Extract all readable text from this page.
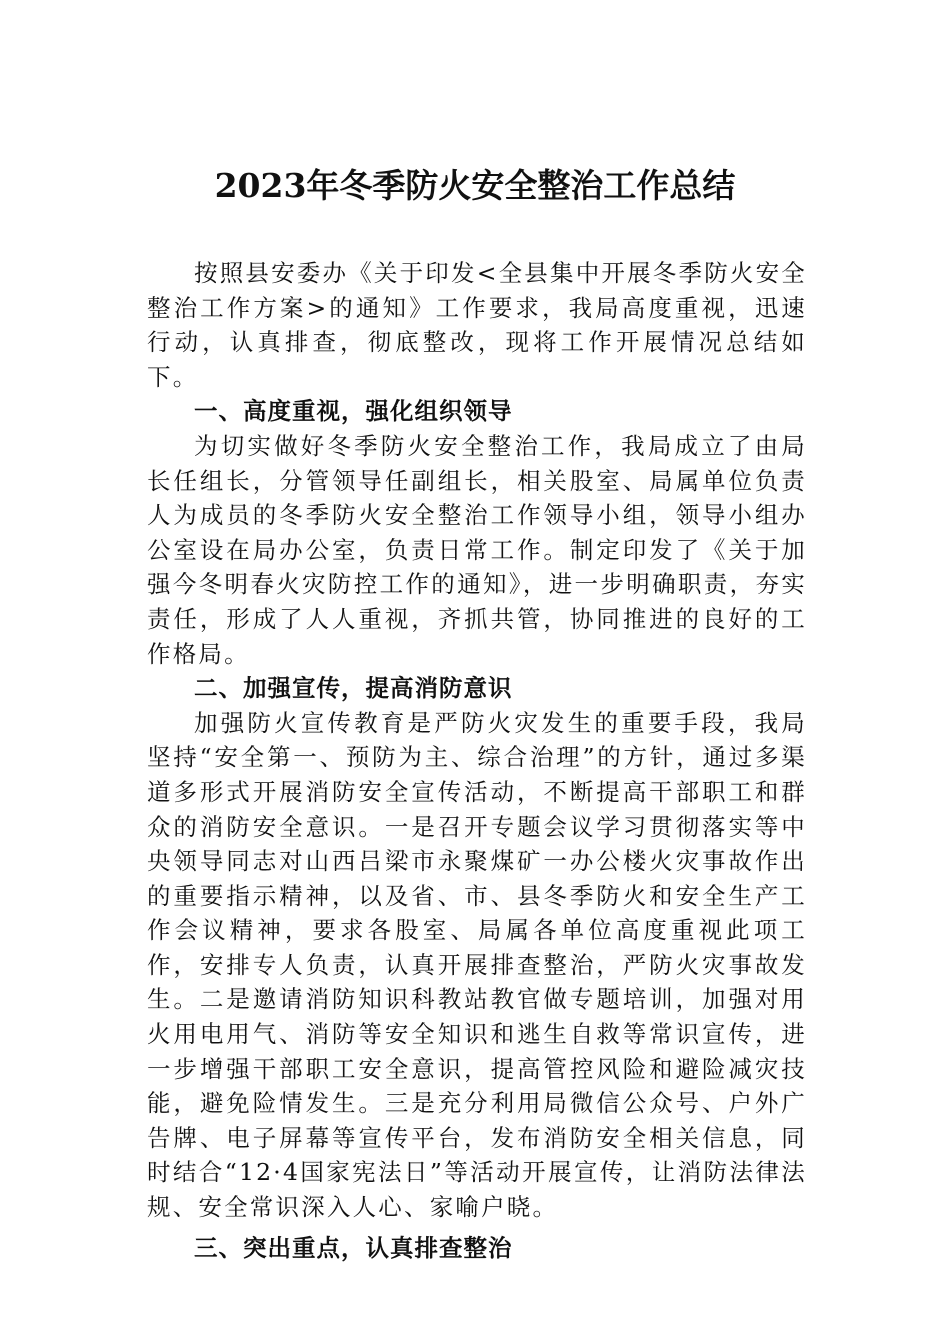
2023年冬季防火安全整治工作总结

按照县安委办《关于印发<全县集中开展冬季防火安全整治工作方案>的通知》工作要求，我局高度重视，迅速行动，认真排查，彻底整改，现将工作开展情况总结如下。

一、高度重视，强化组织领导

为切实做好冬季防火安全整治工作，我局成立了由局长任组长，分管领导任副组长，相关股室、局属单位负责人为成员的冬季防火安全整治工作领导小组，领导小组办公室设在局办公室，负责日常工作。制定印发了《关于加强今冬明春火灾防控工作的通知》，进一步明确职责，夯实责任，形成了人人重视，齐抓共管，协同推进的良好的工作格局。

二、加强宣传，提高消防意识

加强防火宣传教育是严防火灾发生的重要手段，我局坚持“安全第一、预防为主、综合治理”的方针，通过多渠道多形式开展消防安全宣传活动，不断提高干部职工和群众的消防安全意识。一是召开专题会议学习贯彻落实等中央领导同志对山西吕梁市永聚煤矿一办公楼火灾事故作出的重要指示精神，以及省、市、县冬季防火和安全生产工作会议精神，要求各股室、局属各单位高度重视此项工作，安排专人负责，认真开展排查整治，严防火灾事故发生。二是邀请消防知识科教站教官做专题培训，加强对用火用电用气、消防等安全知识和逃生自救等常识宣传，进一步增强干部职工安全意识，提高管控风险和避险减灾技能，避免险情发生。三是充分利用局微信公众号、户外广告牌、电子屏幕等宣传平台，发布消防安全相关信息，同时结合“12·4国家宪法日”等活动开展宣传，让消防法律法规、安全常识深入人心、家喻户晓。

三、突出重点，认真排查整治
